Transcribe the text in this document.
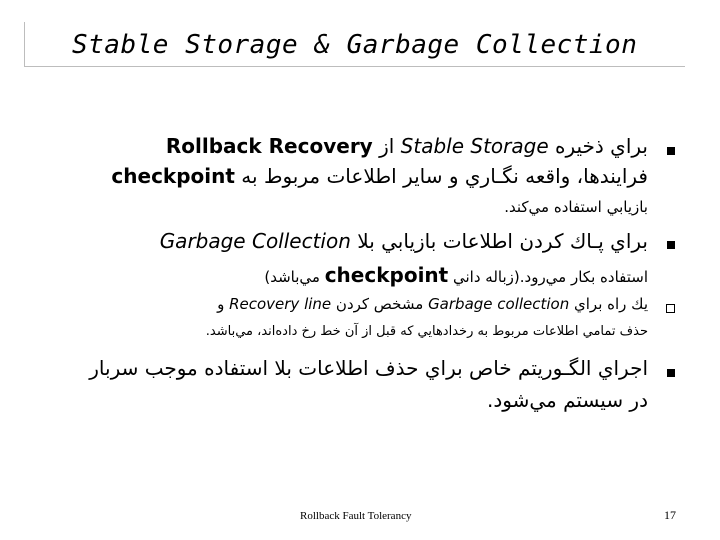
Stable Storage & Garbage Collection
براي ذخيره Stable Storage از Rollback Recovery
فرايندها، واقعه نگـاري و ساير اطلاعات مربوط به checkpoint
بازيابي استفاده مي‌كند.
براي پـاك كردن اطلاعات بازيابي بلا Garbage Collection
استفاده بكار مي‌رود.(زباله داني checkpoint مي‌باشد)
يك راه براي Garbage collection مشخص كردن Recovery line و
حذف تمامي اطلاعات مربوط به رخدادهايي كه قبل از آن خط رخ داده‌اند، مي‌باشد.
اجراي الگـوريتم خاص براي حذف اطلاعات بلا استفاده موجب سربار
در سيستم مي‌شود.
Rollback Fault Tolerancy	17
